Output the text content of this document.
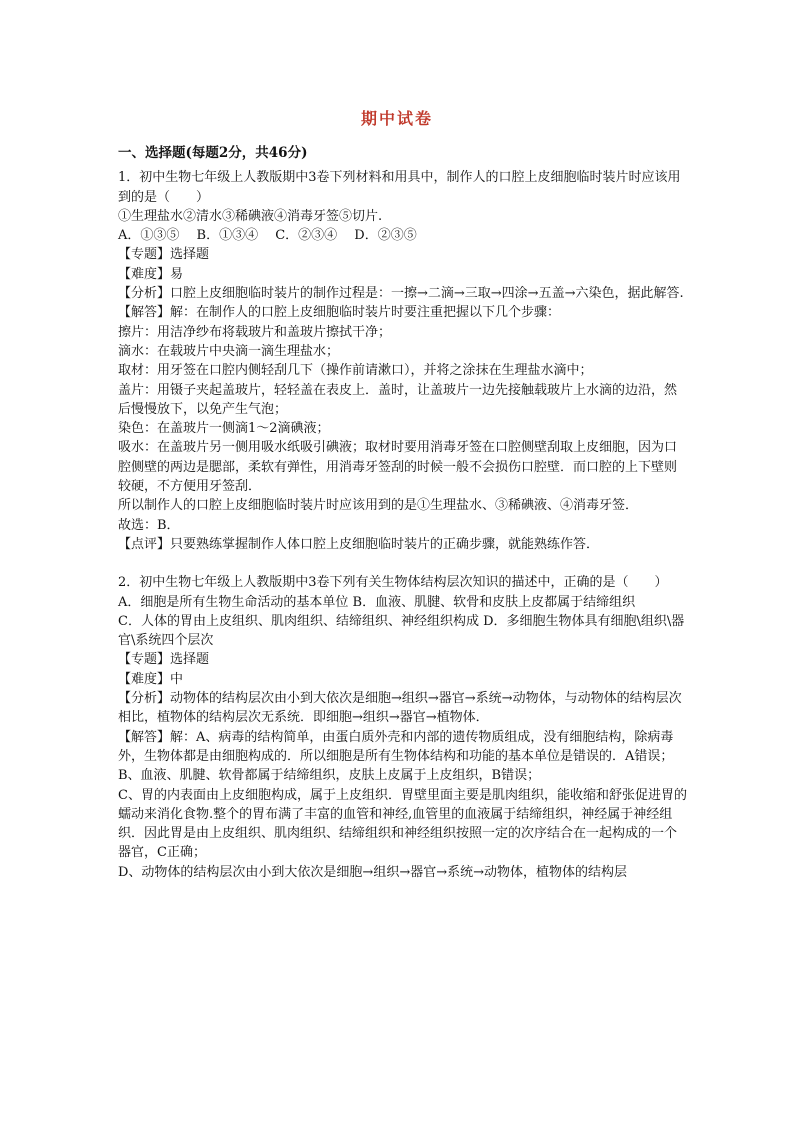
期中试卷

一、选择题(每题2分，共46分)

1．初中生物七年级上人教版期中3卷下列材料和用具中，制作人的口腔上皮细胞临时装片时应该用到的是（　　）

①生理盐水②清水③稀碘液④消毒牙签⑤切片.

A．①③⑤　 B．①③④　 C．②③④　 D．②③⑤

【专题】选择题

【难度】易

【分析】口腔上皮细胞临时装片的制作过程是：一擦→二滴→三取→四涂→五盖→六染色，据此解答.

【解答】解：在制作人的口腔上皮细胞临时装片时要注重把握以下几个步骤：

擦片：用洁净纱布将载玻片和盖玻片擦拭干净；

滴水：在载玻片中央滴一滴生理盐水；

取材：用牙签在口腔内侧轻刮几下（操作前请漱口），并将之涂抹在生理盐水滴中；

盖片：用镊子夹起盖玻片，轻轻盖在表皮上．盖时，让盖玻片一边先接触载玻片上水滴的边沿，然后慢慢放下，以免产生气泡；

染色：在盖玻片一侧滴1～2滴碘液；

吸水：在盖玻片另一侧用吸水纸吸引碘液；取材时要用消毒牙签在口腔侧壁刮取上皮细胞，因为口腔侧壁的两边是腮部，柔软有弹性，用消毒牙签刮的时候一般不会损伤口腔壁．而口腔的上下壁则较硬，不方便用牙签刮．

所以制作人的口腔上皮细胞临时装片时应该用到的是①生理盐水、③稀碘液、④消毒牙签．

故选：B．

【点评】只要熟练掌握制作人体口腔上皮细胞临时装片的正确步骤，就能熟练作答．

2．初中生物七年级上人教版期中3卷下列有关生物体结构层次知识的描述中，正确的是（　　）

A．细胞是所有生物生命活动的基本单位 B．血液、肌腱、软骨和皮肤上皮都属于结缔组织

C．人体的胃由上皮组织、肌肉组织、结缔组织、神经组织构成 D．多细胞生物体具有细胞\组织\器官\系统四个层次

【专题】选择题

【难度】中

【分析】动物体的结构层次由小到大依次是细胞→组织→器官→系统→动物体，与动物体的结构层次相比，植物体的结构层次无系统．即细胞→组织→器官→植物体．

【解答】解：A、病毒的结构简单，由蛋白质外壳和内部的遗传物质组成，没有细胞结构，除病毒外，生物体都是由细胞构成的．所以细胞是所有生物体结构和功能的基本单位是错误的．A错误；

B、血液、肌腱、软骨都属于结缔组织，皮肤上皮属于上皮组织，B错误；

C、胃的内表面由上皮细胞构成，属于上皮组织．胃壁里面主要是肌肉组织，能收缩和舒张促进胃的蠕动来消化食物.整个的胃布满了丰富的血管和神经,血管里的血液属于结缔组织，神经属于神经组织．因此胃是由上皮组织、肌肉组织、结缔组织和神经组织按照一定的次序结合在一起构成的一个器官，C正确；

D、动物体的结构层次由小到大依次是细胞→组织→器官→系统→动物体，植物体的结构层
